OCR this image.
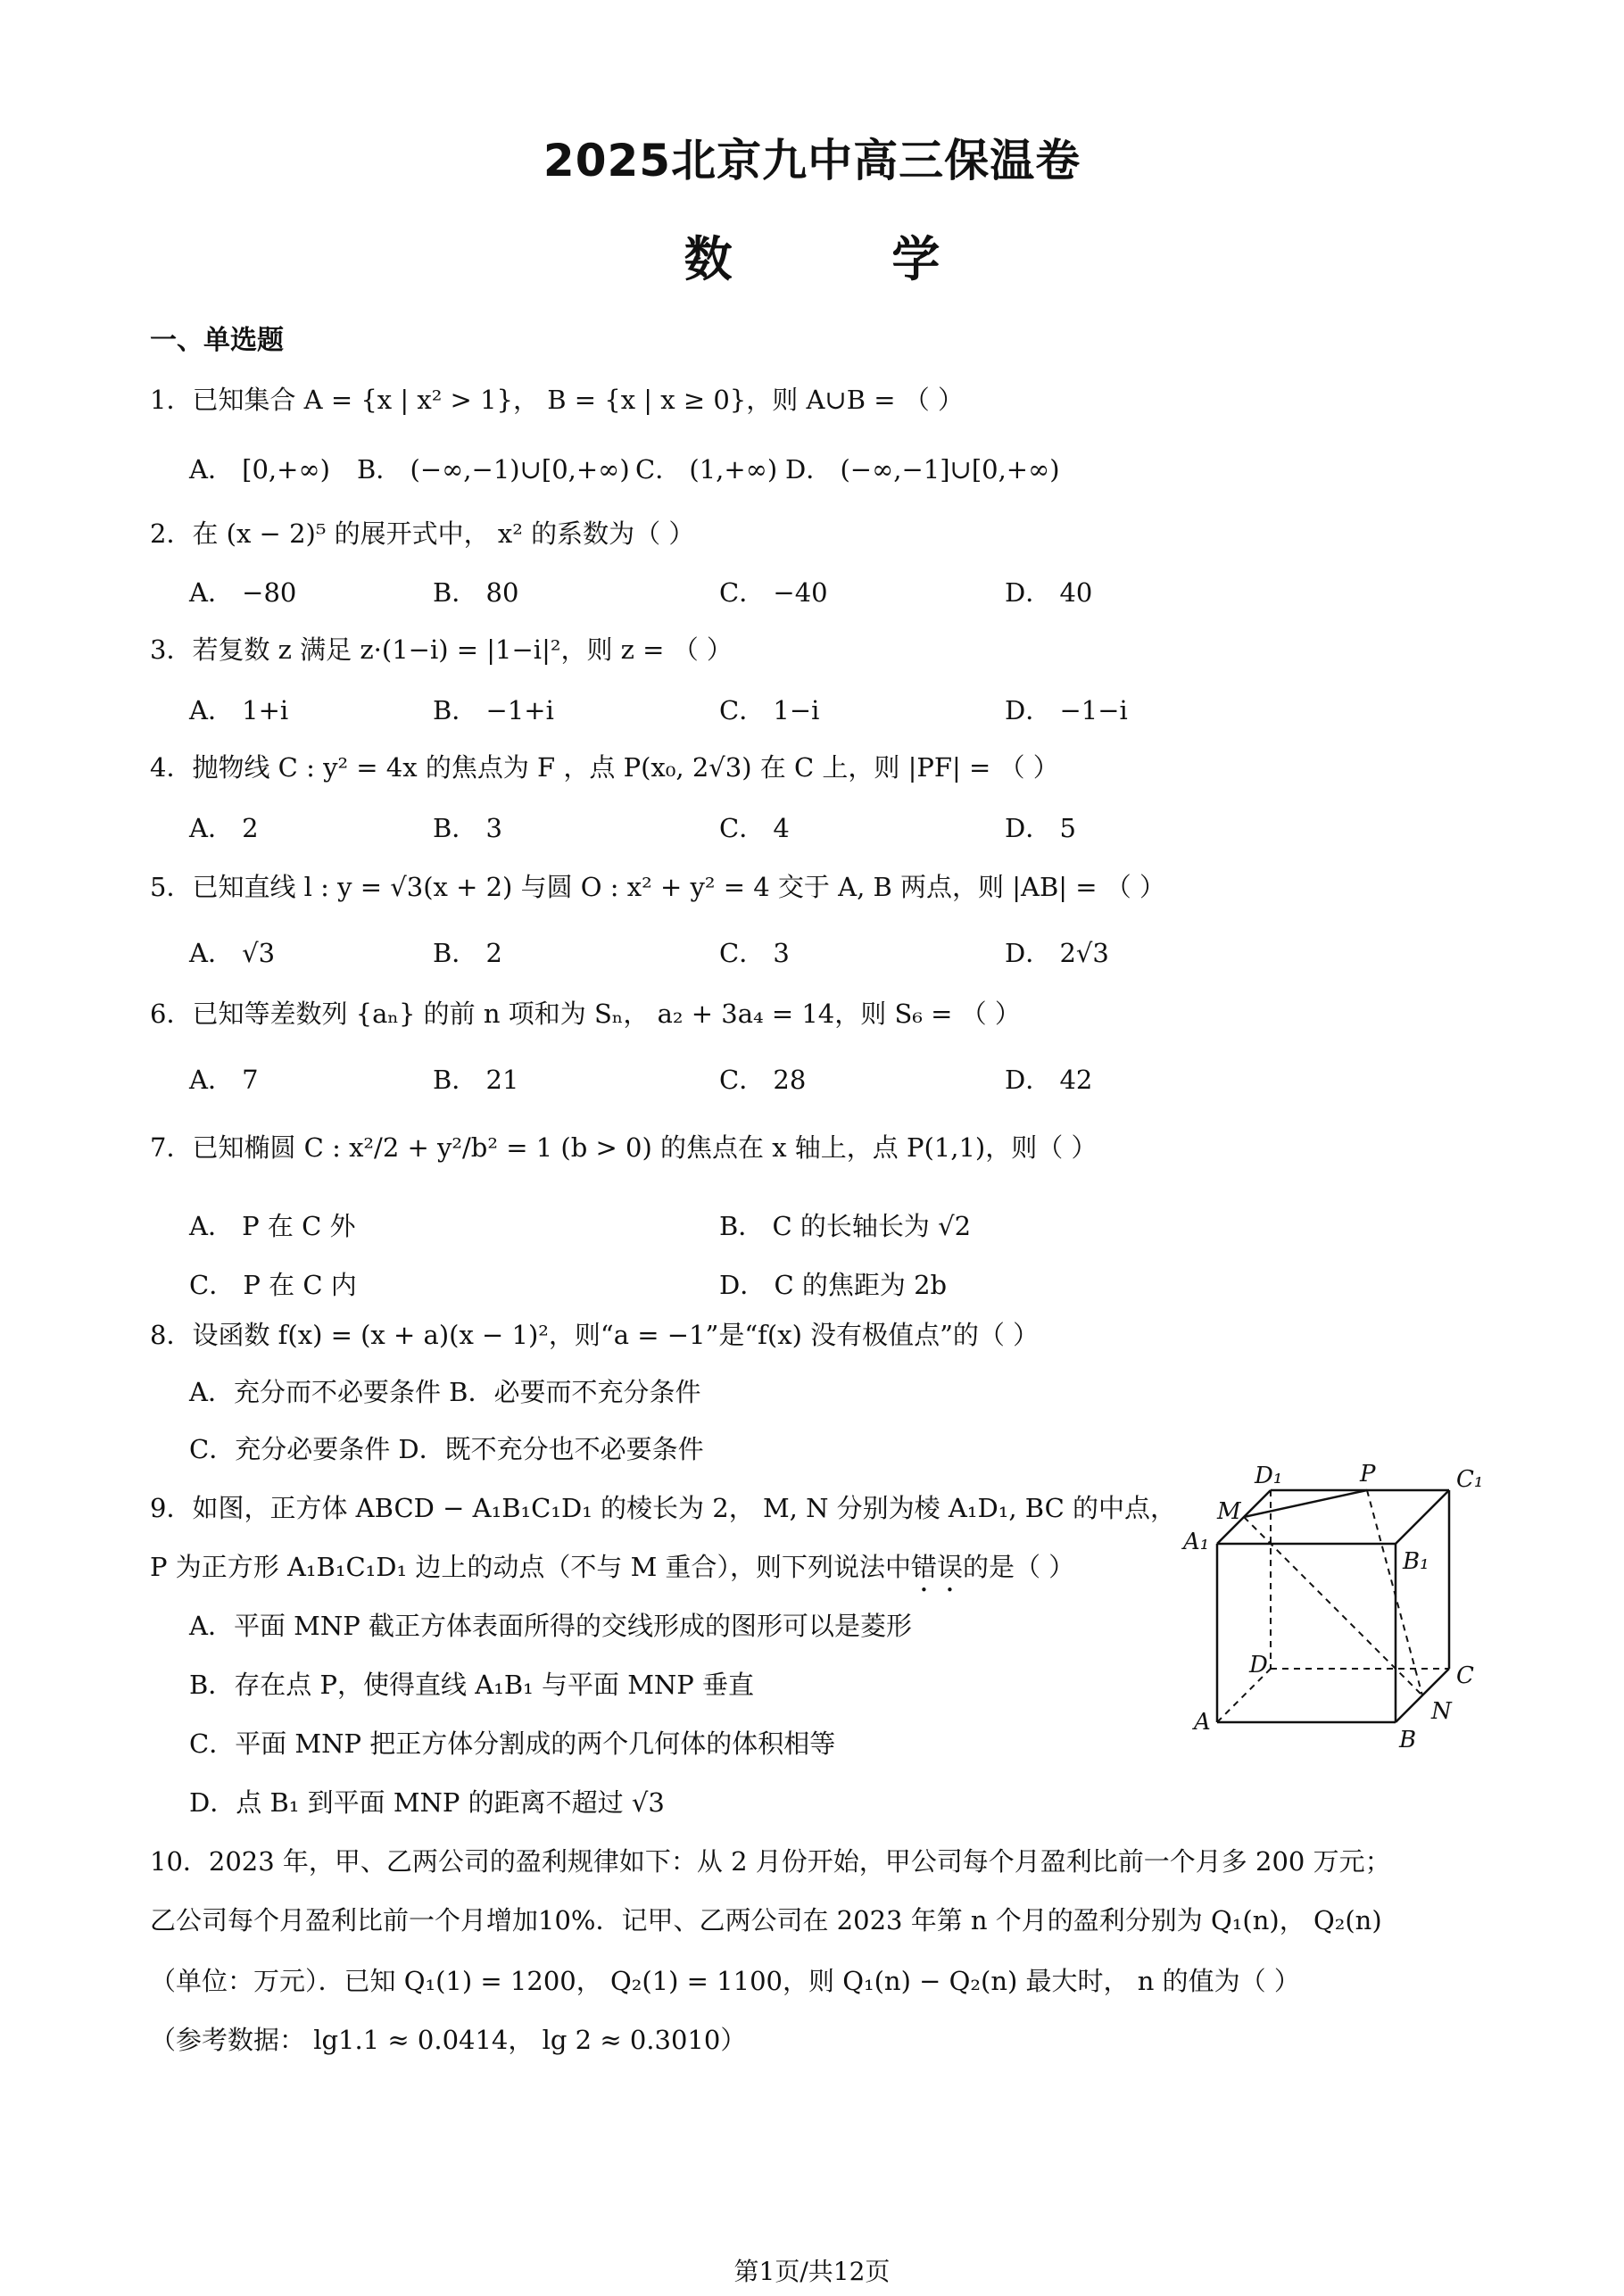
2025北京九中高三保温卷
数 学
一、单选题
1．已知集合 A = {x | x² > 1}， B = {x | x ≥ 0}，则 A∪B = （ ）
A． [0,+∞) B． (−∞,−1)∪[0,+∞) C． (1,+∞) D． (−∞,−1]∪[0,+∞)
2．在 (x − 2)⁵ 的展开式中， x² 的系数为（ ）
A． −80	B． 80	C． −40	D． 40
3．若复数 z 满足 z·(1−i) = |1−i|²，则 z = （ ）
A． 1+i	B． −1+i	C． 1−i	D． −1−i
4．抛物线 C : y² = 4x 的焦点为 F ，点 P(x₀, 2√3) 在 C 上，则 |PF| = （ ）
A． 2	B． 3	C． 4	D． 5
5．已知直线 l : y = √3(x + 2) 与圆 O : x² + y² = 4 交于 A, B 两点，则 |AB| = （ ）
A． √3	B． 2	C． 3	D． 2√3
6．已知等差数列 {aₙ} 的前 n 项和为 Sₙ， a₂ + 3a₄ = 14，则 S₆ = （ ）
A． 7	B． 21	C． 28	D． 42
7．已知椭圆 C : x²/2 + y²/b² = 1 (b > 0) 的焦点在 x 轴上，点 P(1,1)，则（ ）
A． P 在 C 外	B． C 的长轴长为 √2
C． P 在 C 内	D． C 的焦距为 2b
8．设函数 f(x) = (x + a)(x − 1)²，则“a = −1”是“f(x) 没有极值点”的（ ）
A．充分而不必要条件 B．必要而不充分条件
C．充分必要条件 D．既不充分也不必要条件
9．如图，正方体 ABCD − A₁B₁C₁D₁ 的棱长为 2， M, N 分别为棱 A₁D₁, BC 的中点，
P 为正方形 A₁B₁C₁D₁ 边上的动点（不与 M 重合），则下列说法中错误的是（ ）
A．平面 MNP 截正方体表面所得的交线形成的图形可以是菱形
B．存在点 P，使得直线 A₁B₁ 与平面 MNP 垂直
C．平面 MNP 把正方体分割成的两个几何体的体积相等
D．点 B₁ 到平面 MNP 的距离不超过 √3
D₁	P	C₁
M
A₁
B₁
D	C
A
B
N
10．2023 年，甲、乙两公司的盈利规律如下：从 2 月份开始，甲公司每个月盈利比前一个月多 200 万元；
乙公司每个月盈利比前一个月增加10%．记甲、乙两公司在 2023 年第 n 个月的盈利分别为 Q₁(n)， Q₂(n)
（单位：万元）．已知 Q₁(1) = 1200， Q₂(1) = 1100，则 Q₁(n) − Q₂(n) 最大时， n 的值为（ ）
（参考数据： lg1.1 ≈ 0.0414， lg 2 ≈ 0.3010）
第1页/共12页
